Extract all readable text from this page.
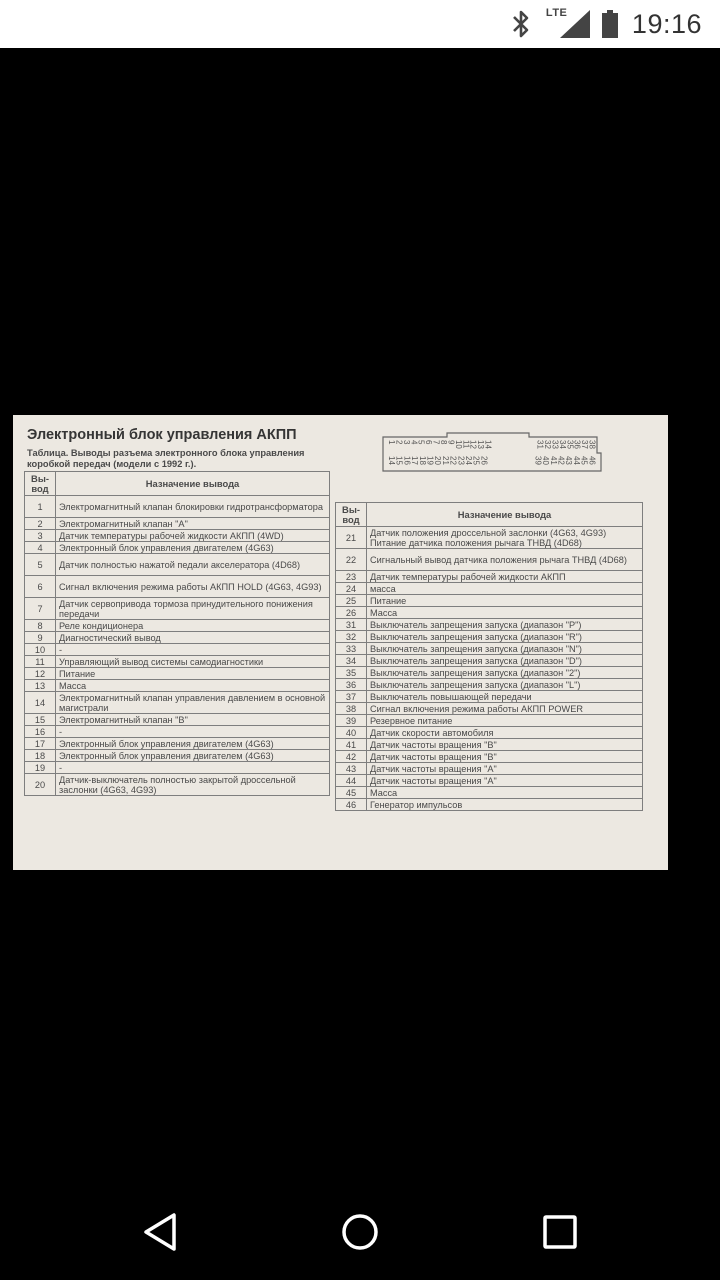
LTE 19:16
Электронный блок управления АКПП
Таблица. Выводы разъема электронного блока управления коробкой передач (модели с 1992 г.).
1
2
3
4
5
6
7
8
9
10
11
12
13
14	31
32
33
34
35
36
37
38
14
15
16
17
18
19
20
21
22
23
24
25
26	39
40
41
42
43
44
45
46
Вы-вод	Назначение вывода
1	Электромагнитный клапан блокировки гидротрансформатора
2	Электромагнитный клапан "А"
3	Датчик температуры рабочей жидкости АКПП (4WD)
4	Электронный блок управления двигателем (4G63)
5	Датчик полностью нажатой педали акселератора (4D68)
6	Сигнал включения режима работы АКПП HOLD (4G63, 4G93)
7	Датчик сервопривода тормоза принудительного понижения передачи
8	Реле кондиционера
9	Диагностический вывод
10	-
11	Управляющий вывод системы самодиагностики
12	Питание
13	Масса
14	Электромагнитный клапан управления давлением в основной магистрали
15	Электромагнитный клапан "В"
16	-
17	Электронный блок управления двигателем (4G63)
18	Электронный блок управления двигателем (4G63)
19	-
20	Датчик-выключатель полностью закрытой дроссельной заслонки (4G63, 4G93)
Вы-вод	Назначение вывода
21	Датчик положения дроссельной заслонки (4G63, 4G93) Питание датчика положения рычага ТНВД (4D68)
22	Сигнальный вывод датчика положения рычага ТНВД (4D68)
23	Датчик температуры рабочей жидкости АКПП
24	масса
25	Питание
26	Масса
31	Выключатель запрещения запуска (диапазон "Р")
32	Выключатель запрещения запуска (диапазон "R")
33	Выключатель запрещения запуска (диапазон "N")
34	Выключатель запрещения запуска (диапазон "D")
35	Выключатель запрещения запуска (диапазон "2")
36	Выключатель запрещения запуска (диапазон "L")
37	Выключатель повышающей передачи
38	Сигнал включения режима работы АКПП POWER
39	Резервное питание
40	Датчик скорости автомобиля
41	Датчик частоты вращения "В"
42	Датчик частоты вращения "В"
43	Датчик частоты вращения "А"
44	Датчик частоты вращения "А"
45	Масса
46	Генератор импульсов
